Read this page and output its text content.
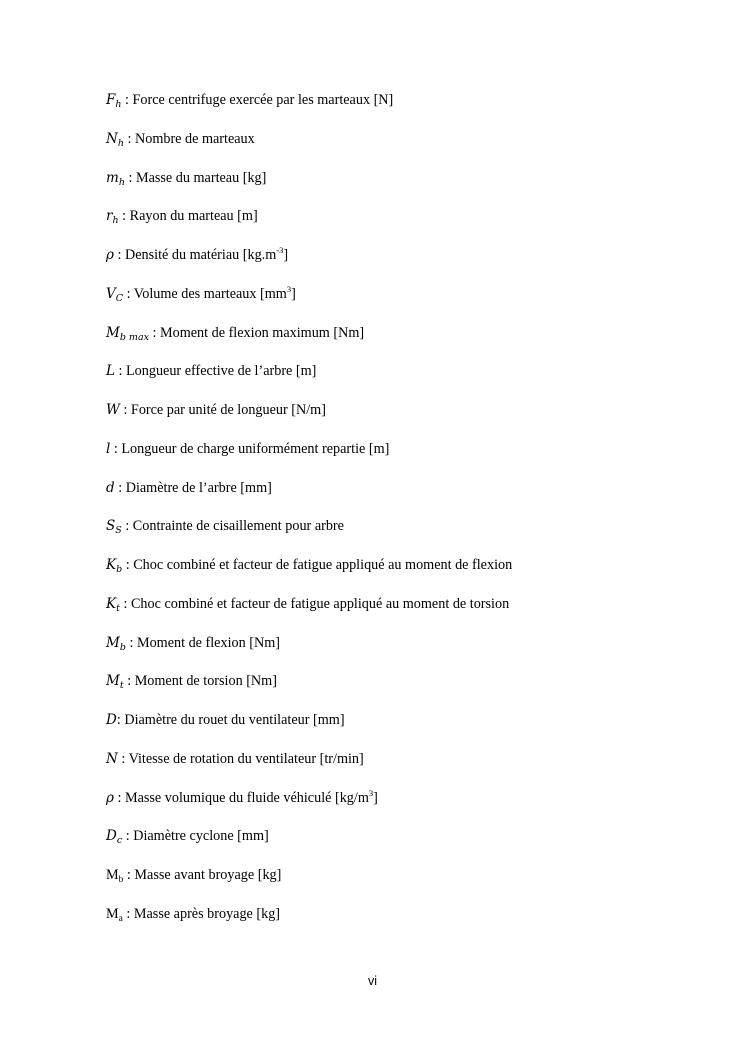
$F_h$ : Force centrifuge exercée par les marteaux [N]
$N_h$ : Nombre de marteaux
$m_h$ : Masse du marteau [kg]
$r_h$ : Rayon du marteau [m]
ρ : Densité du matériau $[kg.m^{-3}]$
$V_C$ : Volume des marteaux $[mm^3]$
$M_{b max}$ : Moment de flexion maximum [Nm]
L : Longueur effective de l’arbre [m]
W : Force par unité de longueur [N/m]
l : Longueur de charge uniformément repartie [m]
d : Diamètre de l’arbre [mm]
$S_S$ : Contrainte de cisaillement pour arbre
$K_b$ : Choc combiné et facteur de fatigue appliqué au moment de flexion
$K_t$ : Choc combiné et facteur de fatigue appliqué au moment de torsion
$M_b$ : Moment de flexion [Nm]
$M_t$ : Moment de torsion [Nm]
D: Diamètre du rouet du ventilateur [mm]
N : Vitesse de rotation du ventilateur [tr/min]
ρ : Masse volumique du fluide véhiculé $[kg/m^3]$
$D_c$ : Diamètre cyclone [mm]
$M_b$ : Masse avant broyage [kg]
$M_a$ : Masse après broyage [kg]
vi
